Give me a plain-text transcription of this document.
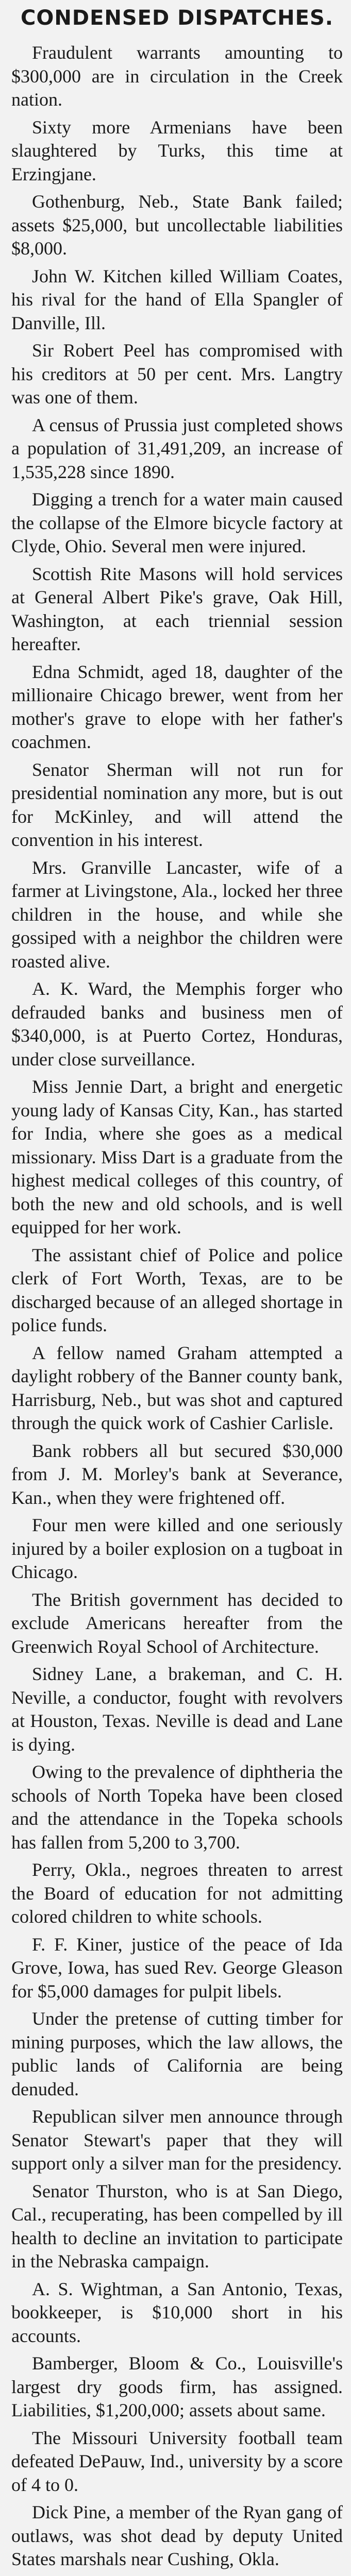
CONDENSED DISPATCHES.

Fraudulent warrants amounting to $300,000 are in circulation in the Creek nation.

Sixty more Armenians have been slaughtered by Turks, this time at Erzingjane.

Gothenburg, Neb., State Bank failed; assets $25,000, but uncollectable liabilities $8,000.

John W. Kitchen killed William Coates, his rival for the hand of Ella Spangler of Danville, Ill.

Sir Robert Peel has compromised with his creditors at 50 per cent. Mrs. Langtry was one of them.

A census of Prussia just completed shows a population of 31,491,209, an increase of 1,535,228 since 1890.

Digging a trench for a water main caused the collapse of the Elmore bicycle factory at Clyde, Ohio. Several men were injured.

Scottish Rite Masons will hold services at General Albert Pike's grave, Oak Hill, Washington, at each triennial session hereafter.

Edna Schmidt, aged 18, daughter of the millionaire Chicago brewer, went from her mother's grave to elope with her father's coachmen.

Senator Sherman will not run for presidential nomination any more, but is out for McKinley, and will attend the convention in his interest.

Mrs. Granville Lancaster, wife of a farmer at Livingstone, Ala., locked her three children in the house, and while she gossiped with a neighbor the children were roasted alive.

A. K. Ward, the Memphis forger who defrauded banks and business men of $340,000, is at Puerto Cortez, Honduras, under close surveillance.

Miss Jennie Dart, a bright and energetic young lady of Kansas City, Kan., has started for India, where she goes as a medical missionary. Miss Dart is a graduate from the highest medical colleges of this country, of both the new and old schools, and is well equipped for her work.

The assistant chief of Police and police clerk of Fort Worth, Texas, are to be discharged because of an alleged shortage in police funds.

A fellow named Graham attempted a daylight robbery of the Banner county bank, Harrisburg, Neb., but was shot and captured through the quick work of Cashier Carlisle.

Bank robbers all but secured $30,000 from J. M. Morley's bank at Severance, Kan., when they were frightened off.

Four men were killed and one seriously injured by a boiler explosion on a tugboat in Chicago.

The British government has decided to exclude Americans hereafter from the Greenwich Royal School of Architecture.

Sidney Lane, a brakeman, and C. H. Neville, a conductor, fought with revolvers at Houston, Texas. Neville is dead and Lane is dying.

Owing to the prevalence of diphtheria the schools of North Topeka have been closed and the attendance in the Topeka schools has fallen from 5,200 to 3,700.

Perry, Okla., negroes threaten to arrest the Board of education for not admitting colored children to white schools.

F. F. Kiner, justice of the peace of Ida Grove, Iowa, has sued Rev. George Gleason for $5,000 damages for pulpit libels.

Under the pretense of cutting timber for mining purposes, which the law allows, the public lands of California are being denuded.

Republican silver men announce through Senator Stewart's paper that they will support only a silver man for the presidency.

Senator Thurston, who is at San Diego, Cal., recuperating, has been compelled by ill health to decline an invitation to participate in the Nebraska campaign.

A. S. Wightman, a San Antonio, Texas, bookkeeper, is $10,000 short in his accounts.

Bamberger, Bloom & Co., Louisville's largest dry goods firm, has assigned. Liabilities, $1,200,000; assets about same.

The Missouri University football team defeated DePauw, Ind., university by a score of 4 to 0.

Dick Pine, a member of the Ryan gang of outlaws, was shot dead by deputy United States marshals near Cushing, Okla.
